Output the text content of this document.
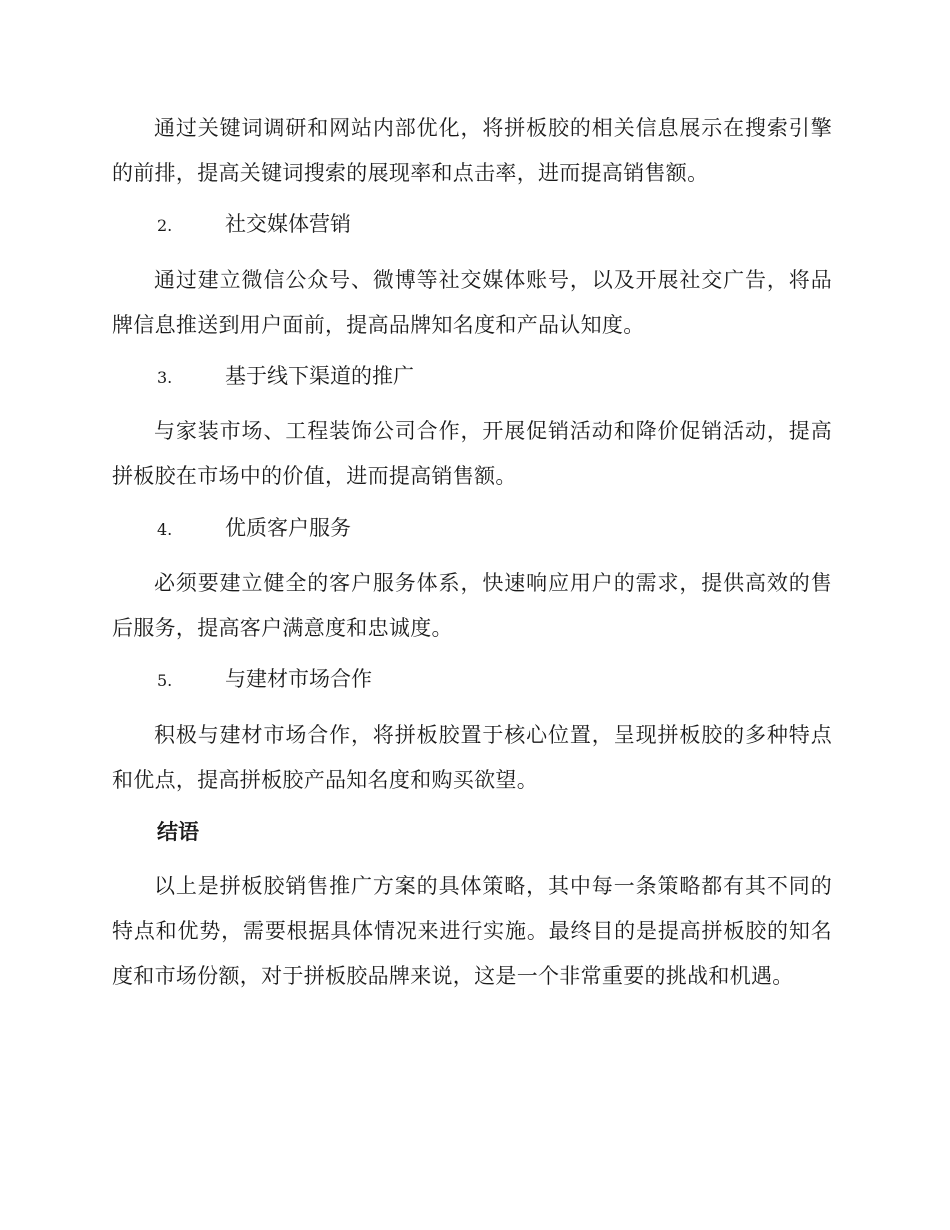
通过关键词调研和网站内部优化，将拼板胶的相关信息展示在搜索引擎的前排，提高关键词搜索的展现率和点击率，进而提高销售额。

2.	社交媒体营销

通过建立微信公众号、微博等社交媒体账号，以及开展社交广告，将品牌信息推送到用户面前，提高品牌知名度和产品认知度。

3.	基于线下渠道的推广

与家装市场、工程装饰公司合作，开展促销活动和降价促销活动，提高拼板胶在市场中的价值，进而提高销售额。

4.	优质客户服务

必须要建立健全的客户服务体系，快速响应用户的需求，提供高效的售后服务，提高客户满意度和忠诚度。

5.	与建材市场合作

积极与建材市场合作，将拼板胶置于核心位置，呈现拼板胶的多种特点和优点，提高拼板胶产品知名度和购买欲望。

结语

以上是拼板胶销售推广方案的具体策略，其中每一条策略都有其不同的特点和优势，需要根据具体情况来进行实施。最终目的是提高拼板胶的知名度和市场份额，对于拼板胶品牌来说，这是一个非常重要的挑战和机遇。
